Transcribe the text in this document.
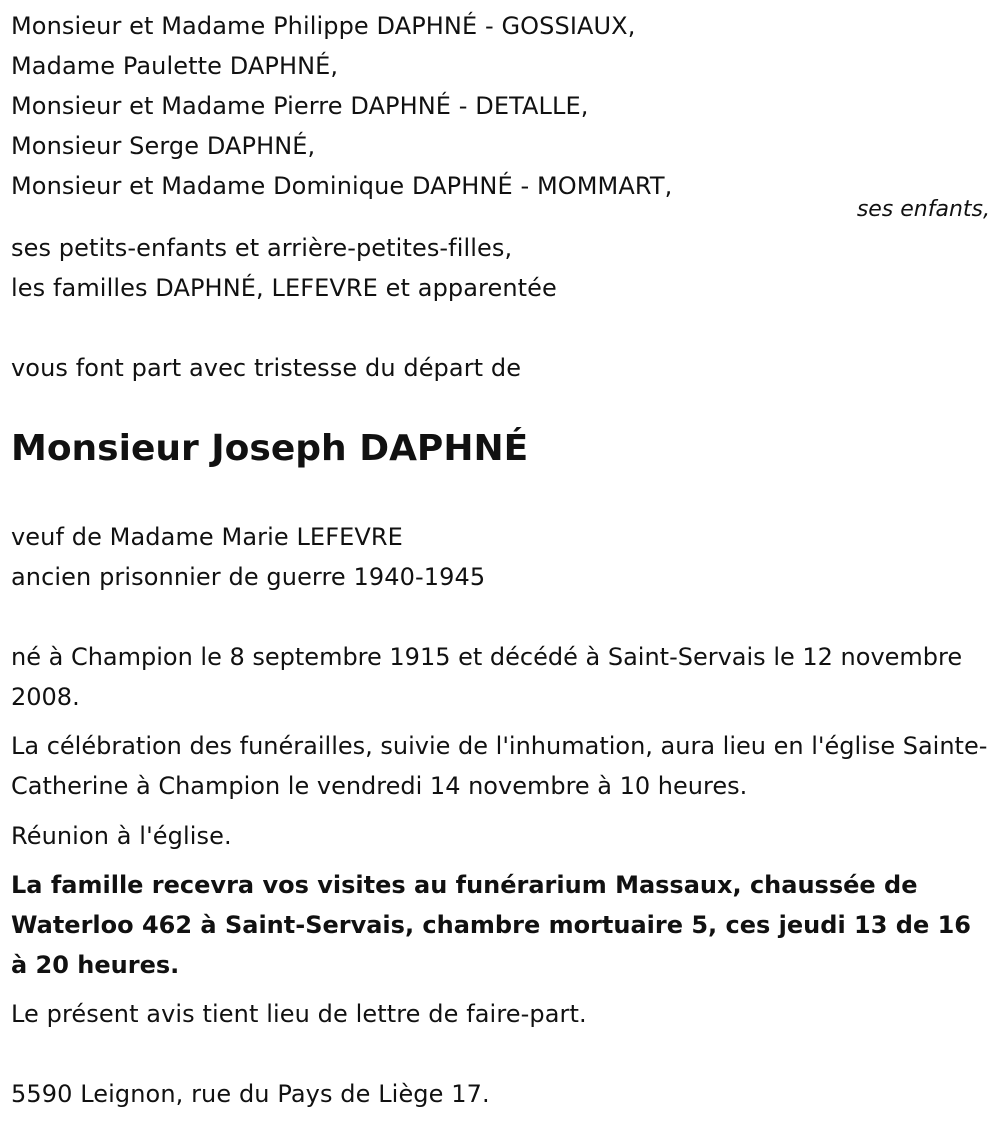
Monsieur et Madame Philippe DAPHNÉ - GOSSIAUX,
Madame Paulette DAPHNÉ,
Monsieur et Madame Pierre DAPHNÉ - DETALLE,
Monsieur Serge DAPHNÉ,
Monsieur et Madame Dominique DAPHNÉ - MOMMART,
ses enfants,
ses petits-enfants et arrière-petites-filles,
les familles DAPHNÉ, LEFEVRE et apparentée
vous font part avec tristesse du départ de
Monsieur Joseph DAPHNÉ
veuf de Madame Marie LEFEVRE
ancien prisonnier de guerre 1940-1945
né à Champion le 8 septembre 1915 et décédé à Saint-Servais le 12 novembre 2008.
La célébration des funérailles, suivie de l'inhumation, aura lieu en l'église Sainte-Catherine à Champion le vendredi 14 novembre à 10 heures.
Réunion à l'église.
La famille recevra vos visites au funérarium Massaux, chaussée de Waterloo 462 à Saint-Servais, chambre mortuaire 5, ces jeudi 13 de 16 à 20 heures.
Le présent avis tient lieu de lettre de faire-part.
5590 Leignon, rue du Pays de Liège 17.
